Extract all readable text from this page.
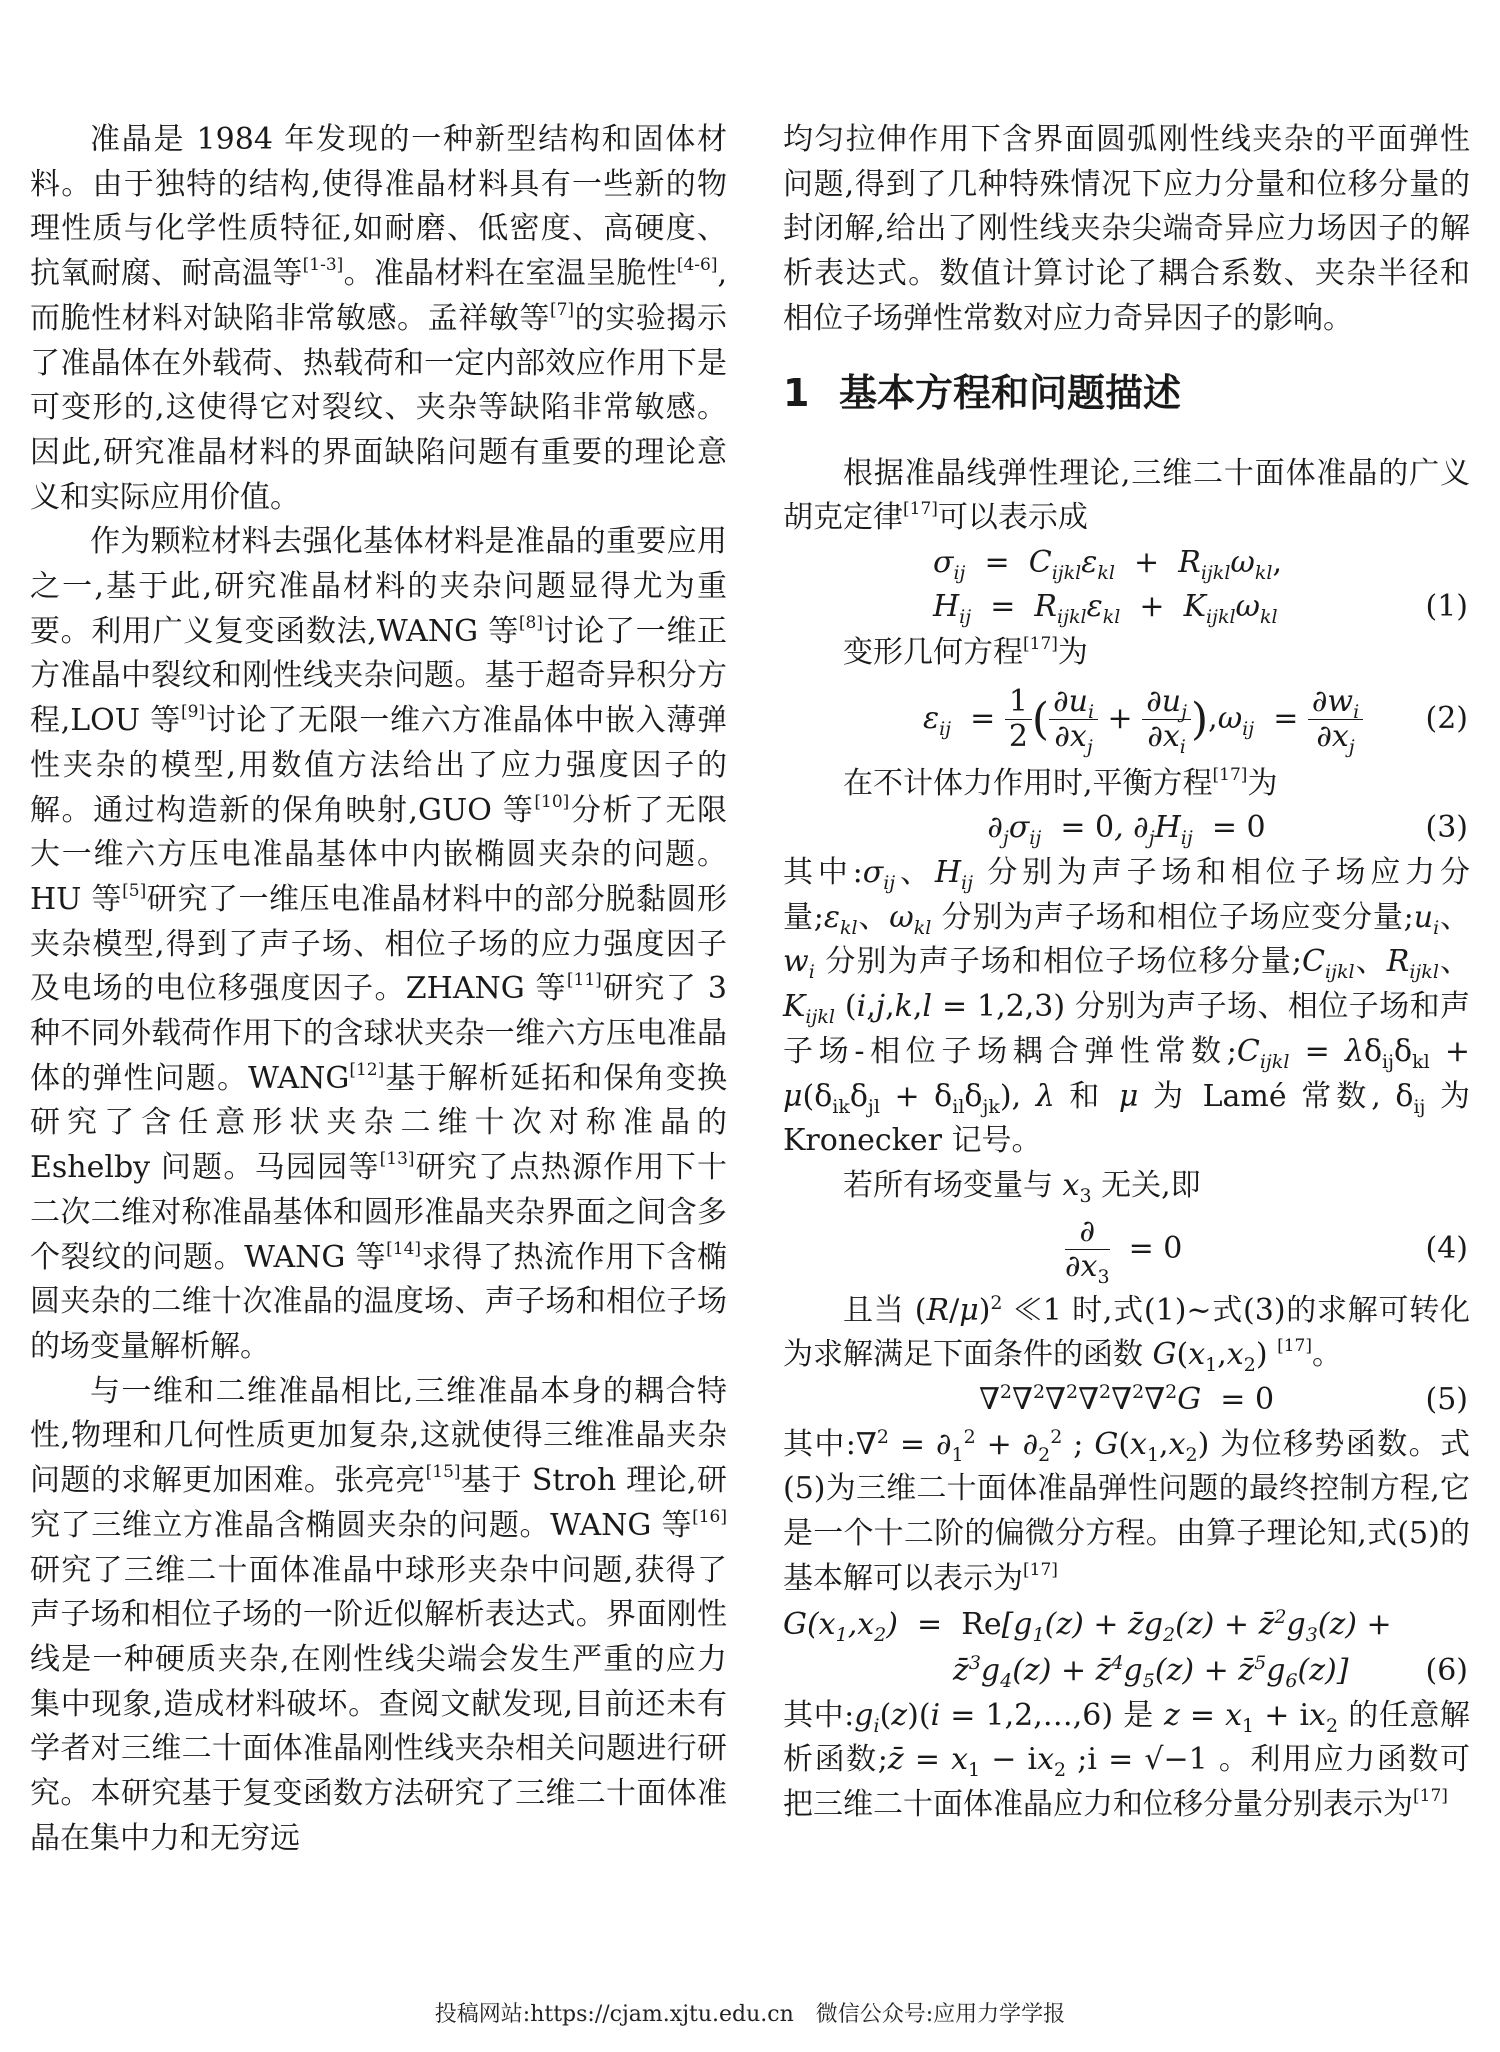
准晶是 1984 年发现的一种新型结构和固体材料。由于独特的结构,使得准晶材料具有一些新的物理性质与化学性质特征,如耐磨、低密度、高硬度、抗氧耐腐、耐高温等[1-3]。准晶材料在室温呈脆性[4-6],而脆性材料对缺陷非常敏感。孟祥敏等[7]的实验揭示了准晶体在外载荷、热载荷和一定内部效应作用下是可变形的,这使得它对裂纹、夹杂等缺陷非常敏感。因此,研究准晶材料的界面缺陷问题有重要的理论意义和实际应用价值。

作为颗粒材料去强化基体材料是准晶的重要应用之一,基于此,研究准晶材料的夹杂问题显得尤为重要。利用广义复变函数法,WANG 等[8]讨论了一维正方准晶中裂纹和刚性线夹杂问题。基于超奇异积分方程,LOU 等[9]讨论了无限一维六方准晶体中嵌入薄弹性夹杂的模型,用数值方法给出了应力强度因子的解。通过构造新的保角映射,GUO 等[10]分析了无限大一维六方压电准晶基体中内嵌椭圆夹杂的问题。HU 等[5]研究了一维压电准晶材料中的部分脱黏圆形夹杂模型,得到了声子场、相位子场的应力强度因子及电场的电位移强度因子。ZHANG 等[11]研究了 3 种不同外载荷作用下的含球状夹杂一维六方压电准晶体的弹性问题。WANG[12]基于解析延拓和保角变换研究了含任意形状夹杂二维十次对称准晶的 Eshelby 问题。马园园等[13]研究了点热源作用下十二次二维对称准晶基体和圆形准晶夹杂界面之间含多个裂纹的问题。WANG 等[14]求得了热流作用下含椭圆夹杂的二维十次准晶的温度场、声子场和相位子场的场变量解析解。

与一维和二维准晶相比,三维准晶本身的耦合特性,物理和几何性质更加复杂,这就使得三维准晶夹杂问题的求解更加困难。张亮亮[15]基于 Stroh 理论,研究了三维立方准晶含椭圆夹杂的问题。WANG 等[16]研究了三维二十面体准晶中球形夹杂中问题,获得了声子场和相位子场的一阶近似解析表达式。界面刚性线是一种硬质夹杂,在刚性线尖端会发生严重的应力集中现象,造成材料破坏。查阅文献发现,目前还未有学者对三维二十面体准晶刚性线夹杂相关问题进行研究。本研究基于复变函数方法研究了三维二十面体准晶在集中力和无穷远

均匀拉伸作用下含界面圆弧刚性线夹杂的平面弹性问题,得到了几种特殊情况下应力分量和位移分量的封闭解,给出了刚性线夹杂尖端奇异应力场因子的解析表达式。数值计算讨论了耦合系数、夹杂半径和相位子场弹性常数对应力奇异因子的影响。

1 基本方程和问题描述

根据准晶线弹性理论,三维二十面体准晶的广义胡克定律[17]可以表示成

$\sigma_{ij} = C_{ijkl}\varepsilon_{kl} + R_{ijkl}\omega_{kl}$,
$H_{ij} = R_{ijkl}\varepsilon_{kl} + K_{ijkl}\omega_{kl}$	(1)

变形几何方程[17]为

$\varepsilon_{ij} = \frac{1}{2}$ ( $\frac{\partial u_i}{\partial x_j} + \frac{\partial u_j}{\partial x_i} ),\omega_{ij} = \frac{\partial w_i}{\partial x_j} (2)$

在不计体力作用时,平衡方程[17]为

$\partial_j\sigma_{ij} = 0$, $\partial_jH_{ij} = 0$	(3)

其中$:\sigma_{ij}$、$H_{ij}$ 分别为声子场和相位子场应力分量$;\varepsilon_{kl}$、$\omega_{kl}$ 分别为声子场和相位子场应变分量$;u_i$、$w_i$ 分别为声子场和相位子场位移分量$;C_{ijkl}$、$R_{ijkl}$、$K_{ijkl}$ (i,j,k,l = 1,2,3) 分别为声子场、相位子场和声子场-相位子场耦合弹性常数$;C_{ijkl} = \lambda\delta_{ij}\delta_{kl} + \mu(\delta_{ik}\delta_{jl} + \delta_{il}\delta_{jk})$, λ 和 μ 为 Lamé 常数, $\delta_{ij}$ 为 Kronecker 记号。

若所有场变量与 $x_3$ 无关,即

$\frac{\partial}{\partial x_3} = 0$	(4)

且当 $(R/\mu)^2$ ≪1 时,式(1)~式(3)的求解可转化为求解满足下面条件的函数 $G(x_1,x_2)$ [17]。

∇$^2$∇$^2$∇$^2$∇$^2$∇$^2$∇$^2$G  = 0	(5)

其中:∇$^2$ = $\partial_1^2 + \partial_2^2$ ; $G(x_1,x_2)$ 为位移势函数。式(5)为三维二十面体准晶弹性问题的最终控制方程,它是一个十二阶的偏微分方程。由算子理论知,式(5)的基本解可以表示为[17]

$G(x_1,x_2) = Re[g_1(z)$ + $z̄g_2(z)$ + $z̄^2g_3(z)$ +
$z̄^3g_4(z)$ + $z̄^4g_5(z)$ + $z̄^5g_6(z)$]	(6)

其中$:g_i(z)(i$ = 1,2,…,6) 是 $z = x_1 + ix_2$ 的任意解析函数;z̄ = $x_1 - ix_2$ ;i = √−1 。利用应力函数可把三维二十面体准晶应力和位移分量分别表示为[17]

投稿网站:https://cjam.xjtu.edu.cn　微信公众号:应用力学学报
